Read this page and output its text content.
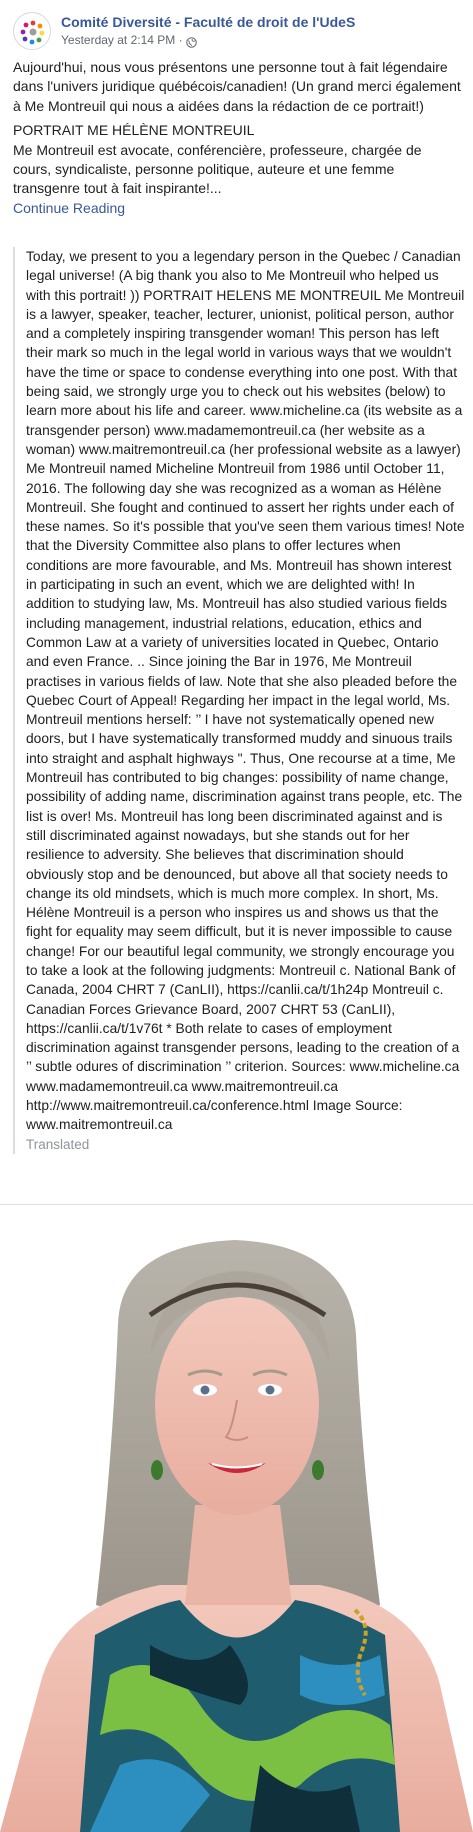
Comité Diversité - Faculté de droit de l'UdeS
Yesterday at 2:14 PM
·

Aujourd'hui, nous vous présentons une personne tout à fait légendaire dans l'univers juridique québécois/canadien! (Un grand merci également à Me Montreuil qui nous a aidées dans la rédaction de ce portrait!)

PORTRAIT ME HÉLÈNE MONTREUIL

Me Montreuil est avocate, conférencière, professeure, chargée de cours, syndicaliste, personne politique, auteure et une femme transgenre tout à fait inspirante!...

Continue Reading
Today, we present to you a legendary person in the Quebec / Canadian legal universe! (A big thank you also to Me Montreuil who helped us with this portrait! )) PORTRAIT HELENS ME MONTREUIL Me Montreuil is a lawyer, speaker, teacher, lecturer, unionist, political person, author and a completely inspiring transgender woman! This person has left their mark so much in the legal world in various ways that we wouldn't have the time or space to condense everything into one post. With that being said, we strongly urge you to check out his websites (below) to learn more about his life and career. www.micheline.ca (its website as a transgender person) www.madamemontreuil.ca (her website as a woman) www.maitremontreuil.ca (her professional website as a lawyer) Me Montreuil named Micheline Montreuil from 1986 until October 11, 2016. The following day she was recognized as a woman as Hélène Montreuil. She fought and continued to assert her rights under each of these names. So it's possible that you've seen them various times! Note that the Diversity Committee also plans to offer lectures when conditions are more favourable, and Ms. Montreuil has shown interest in participating in such an event, which we are delighted with! In addition to studying law, Ms. Montreuil has also studied various fields including management, industrial relations, education, ethics and Common Law at a variety of universities located in Quebec, Ontario and even France. .. Since joining the Bar in 1976, Me Montreuil practises in various fields of law. Note that she also pleaded before the Quebec Court of Appeal! Regarding her impact in the legal world, Ms. Montreuil mentions herself: ’’ I have not systematically opened new doors, but I have systematically transformed muddy and sinuous trails into straight and asphalt highways ". Thus, One recourse at a time, Me Montreuil has contributed to big changes: possibility of name change, possibility of adding name, discrimination against trans people, etc. The list is over! Ms. Montreuil has long been discriminated against and is still discriminated against nowadays, but she stands out for her resilience to adversity. She believes that discrimination should obviously stop and be denounced, but above all that society needs to change its old mindsets, which is much more complex. In short, Ms. Hélène Montreuil is a person who inspires us and shows us that the fight for equality may seem difficult, but it is never impossible to cause change! For our beautiful legal community, we strongly encourage you to take a look at the following judgments: Montreuil c. National Bank of Canada, 2004 CHRT 7 (CanLII), https://canlii.ca/t/1h24p Montreuil c. Canadian Forces Grievance Board, 2007 CHRT 53 (CanLII), https://canlii.ca/t/1v76t * Both relate to cases of employment discrimination against transgender persons, leading to the creation of a ’’ subtle odures of discrimination ’’ criterion. Sources: www.micheline.ca www.madamemontreuil.ca www.maitremontreuil.ca http://www.maitremontreuil.ca/conference.html Image Source: www.maitremontreuil.ca
Translated
